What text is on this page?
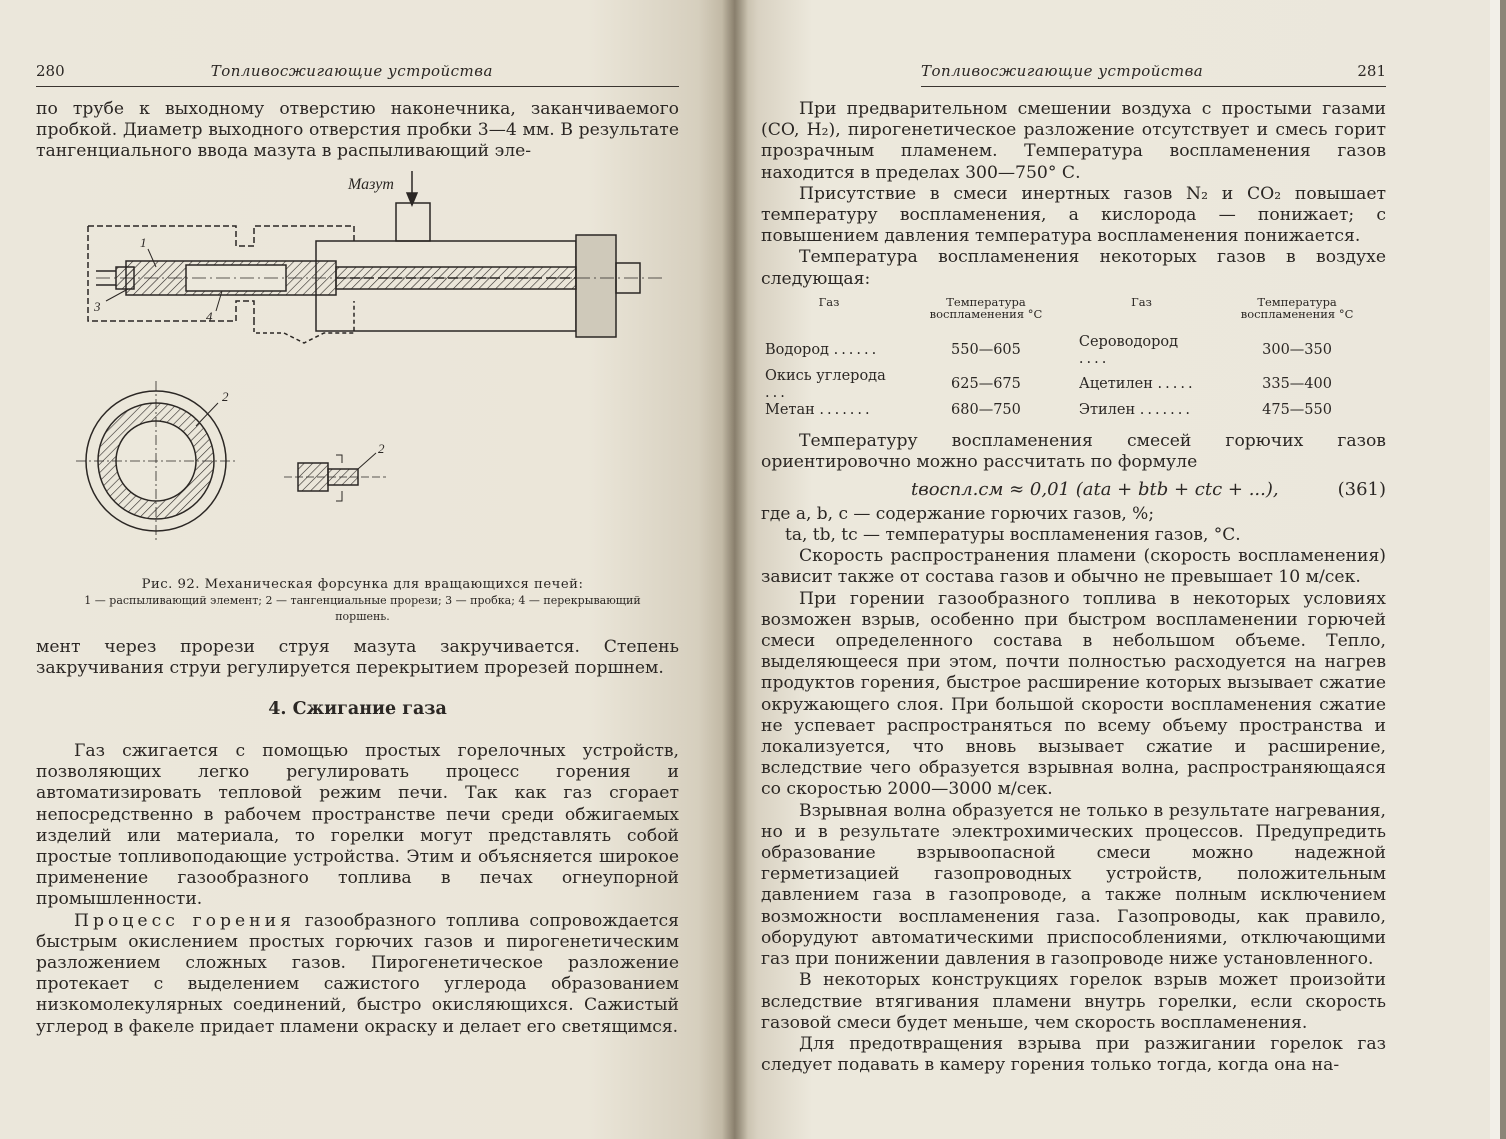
280	Топливосжигающие устройства

по трубе к выходному отверстию наконечника, заканчиваемого пробкой. Диаметр выходного отверстия пробки 3—4 мм. В результате тангенциального ввода мазута в распыливающий эле-

Мазут
1
3
4
2
2
Рис. 92. Механическая форсунка для вращающихся печей:
1 — распыливающий элемент; 2 — тангенциальные прорези; 3 — пробка; 4 — перекрывающий поршень.

мент через прорези струя мазута закручивается. Степень закручивания струи регулируется перекрытием прорезей поршнем.

4. Сжигание газа

Газ сжигается с помощью простых горелочных устройств, позволяющих легко регулировать процесс горения и автоматизировать тепловой режим печи. Так как газ сгорает непосредственно в рабочем пространстве печи среди обжигаемых изделий или материала, то горелки могут представлять собой простые топливоподающие устройства. Этим и объясняется широкое применение газообразного топлива в печах огнеупорной промышленности.

Процесс горения газообразного топлива сопровождается быстрым окислением простых горючих газов и пирогенетическим разложением сложных газов. Пирогенетическое разложение протекает с выделением сажистого углерода образованием низкомолекулярных соединений, быстро окисляющихся. Сажистый углерод в факеле придает пламени окраску и делает его светящимся.

Топливосжигающие устройства	281

При предварительном смешении воздуха с простыми газами (CO, H₂), пирогенетическое разложение отсутствует и смесь горит прозрачным пламенем. Температура воспламенения газов находится в пределах 300—750° С.

Присутствие в смеси инертных газов N₂ и CO₂ повышает температуру воспламенения, а кислорода — понижает; с повышением давления температура воспламенения понижается.

Температура воспламенения некоторых газов в воздухе следующая:

Газ	Температура воспламенения °С	Газ	Температура воспламенения °С
Водород ......	550—605	Сероводород ....	300—350
Окись углерода ...	625—675	Ацетилен .....	335—400
Метан .......	680—750	Этилен .......	475—550

Температуру воспламенения смесей горючих газов ориентировочно можно рассчитать по формуле

tвоспл.см ≈ 0,01 (ata + btb + ctc + ...),	(361)

где a, b, c — содержание горючих газов, %;

ta, tb, tc — температуры воспламенения газов, °С.

Скорость распространения пламени (скорость воспламенения) зависит также от состава газов и обычно не превышает 10 м/сек.

При горении газообразного топлива в некоторых условиях возможен взрыв, особенно при быстром воспламенении горючей смеси определенного состава в небольшом объеме. Тепло, выделяющееся при этом, почти полностью расходуется на нагрев продуктов горения, быстрое расширение которых вызывает сжатие окружающего слоя. При большой скорости воспламенения сжатие не успевает распространяться по всему объему пространства и локализуется, что вновь вызывает сжатие и расширение, вследствие чего образуется взрывная волна, распространяющаяся со скоростью 2000—3000 м/сек.

Взрывная волна образуется не только в результате нагревания, но и в результате электрохимических процессов. Предупредить образование взрывоопасной смеси можно надежной герметизацией газопроводных устройств, положительным давлением газа в газопроводе, а также полным исключением возможности воспламенения газа. Газопроводы, как правило, оборудуют автоматическими приспособлениями, отключающими газ при понижении давления в газопроводе ниже установленного.

В некоторых конструкциях горелок взрыв может произойти вследствие втягивания пламени внутрь горелки, если скорость газовой смеси будет меньше, чем скорость воспламенения.

Для предотвращения взрыва при разжигании горелок газ следует подавать в камеру горения только тогда, когда она на-
